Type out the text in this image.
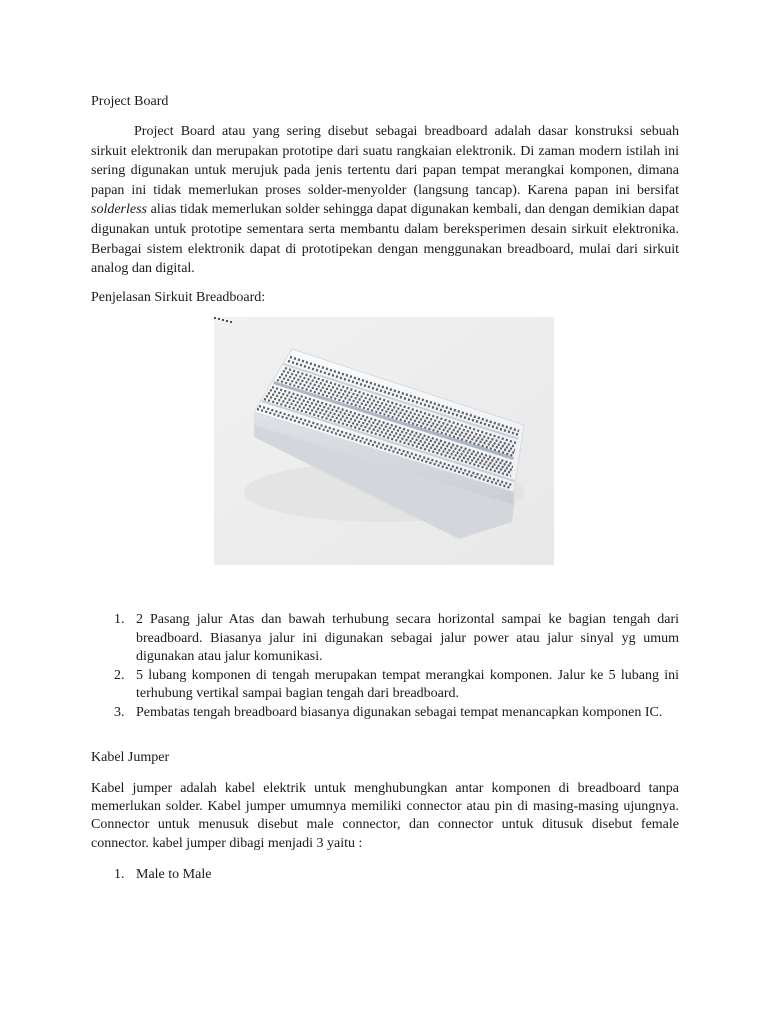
Project Board

Project Board atau yang sering disebut sebagai breadboard adalah dasar konstruksi sebuah sirkuit elektronik dan merupakan prototipe dari suatu rangkaian elektronik. Di zaman modern istilah ini sering digunakan untuk merujuk pada jenis tertentu dari papan tempat merangkai komponen, dimana papan ini tidak memerlukan proses solder-menyolder (langsung tancap). Karena papan ini bersifat solderless alias tidak memerlukan solder sehingga dapat digunakan kembali, dan dengan demikian dapat digunakan untuk prototipe sementara serta membantu dalam bereksperimen desain sirkuit elektronika. Berbagai sistem elektronik dapat di prototipekan dengan menggunakan breadboard, mulai dari sirkuit analog dan digital.

Penjelasan Sirkuit Breadboard:
1. 2 Pasang jalur Atas dan bawah terhubung secara horizontal sampai ke bagian tengah dari breadboard. Biasanya jalur ini digunakan sebagai jalur power atau jalur sinyal yg umum digunakan atau jalur komunikasi.
2. 5 lubang komponen di tengah merupakan tempat merangkai komponen. Jalur ke 5 lubang ini terhubung vertikal sampai bagian tengah dari breadboard.
3. Pembatas tengah breadboard biasanya digunakan sebagai tempat menancapkan komponen IC.
Kabel Jumper

Kabel jumper adalah kabel elektrik untuk menghubungkan antar komponen di breadboard tanpa memerlukan solder. Kabel jumper umumnya memiliki connector atau pin di masing-masing ujungnya. Connector untuk menusuk disebut male connector, dan connector untuk ditusuk disebut female connector. kabel jumper dibagi menjadi 3 yaitu :

1. Male to Male
